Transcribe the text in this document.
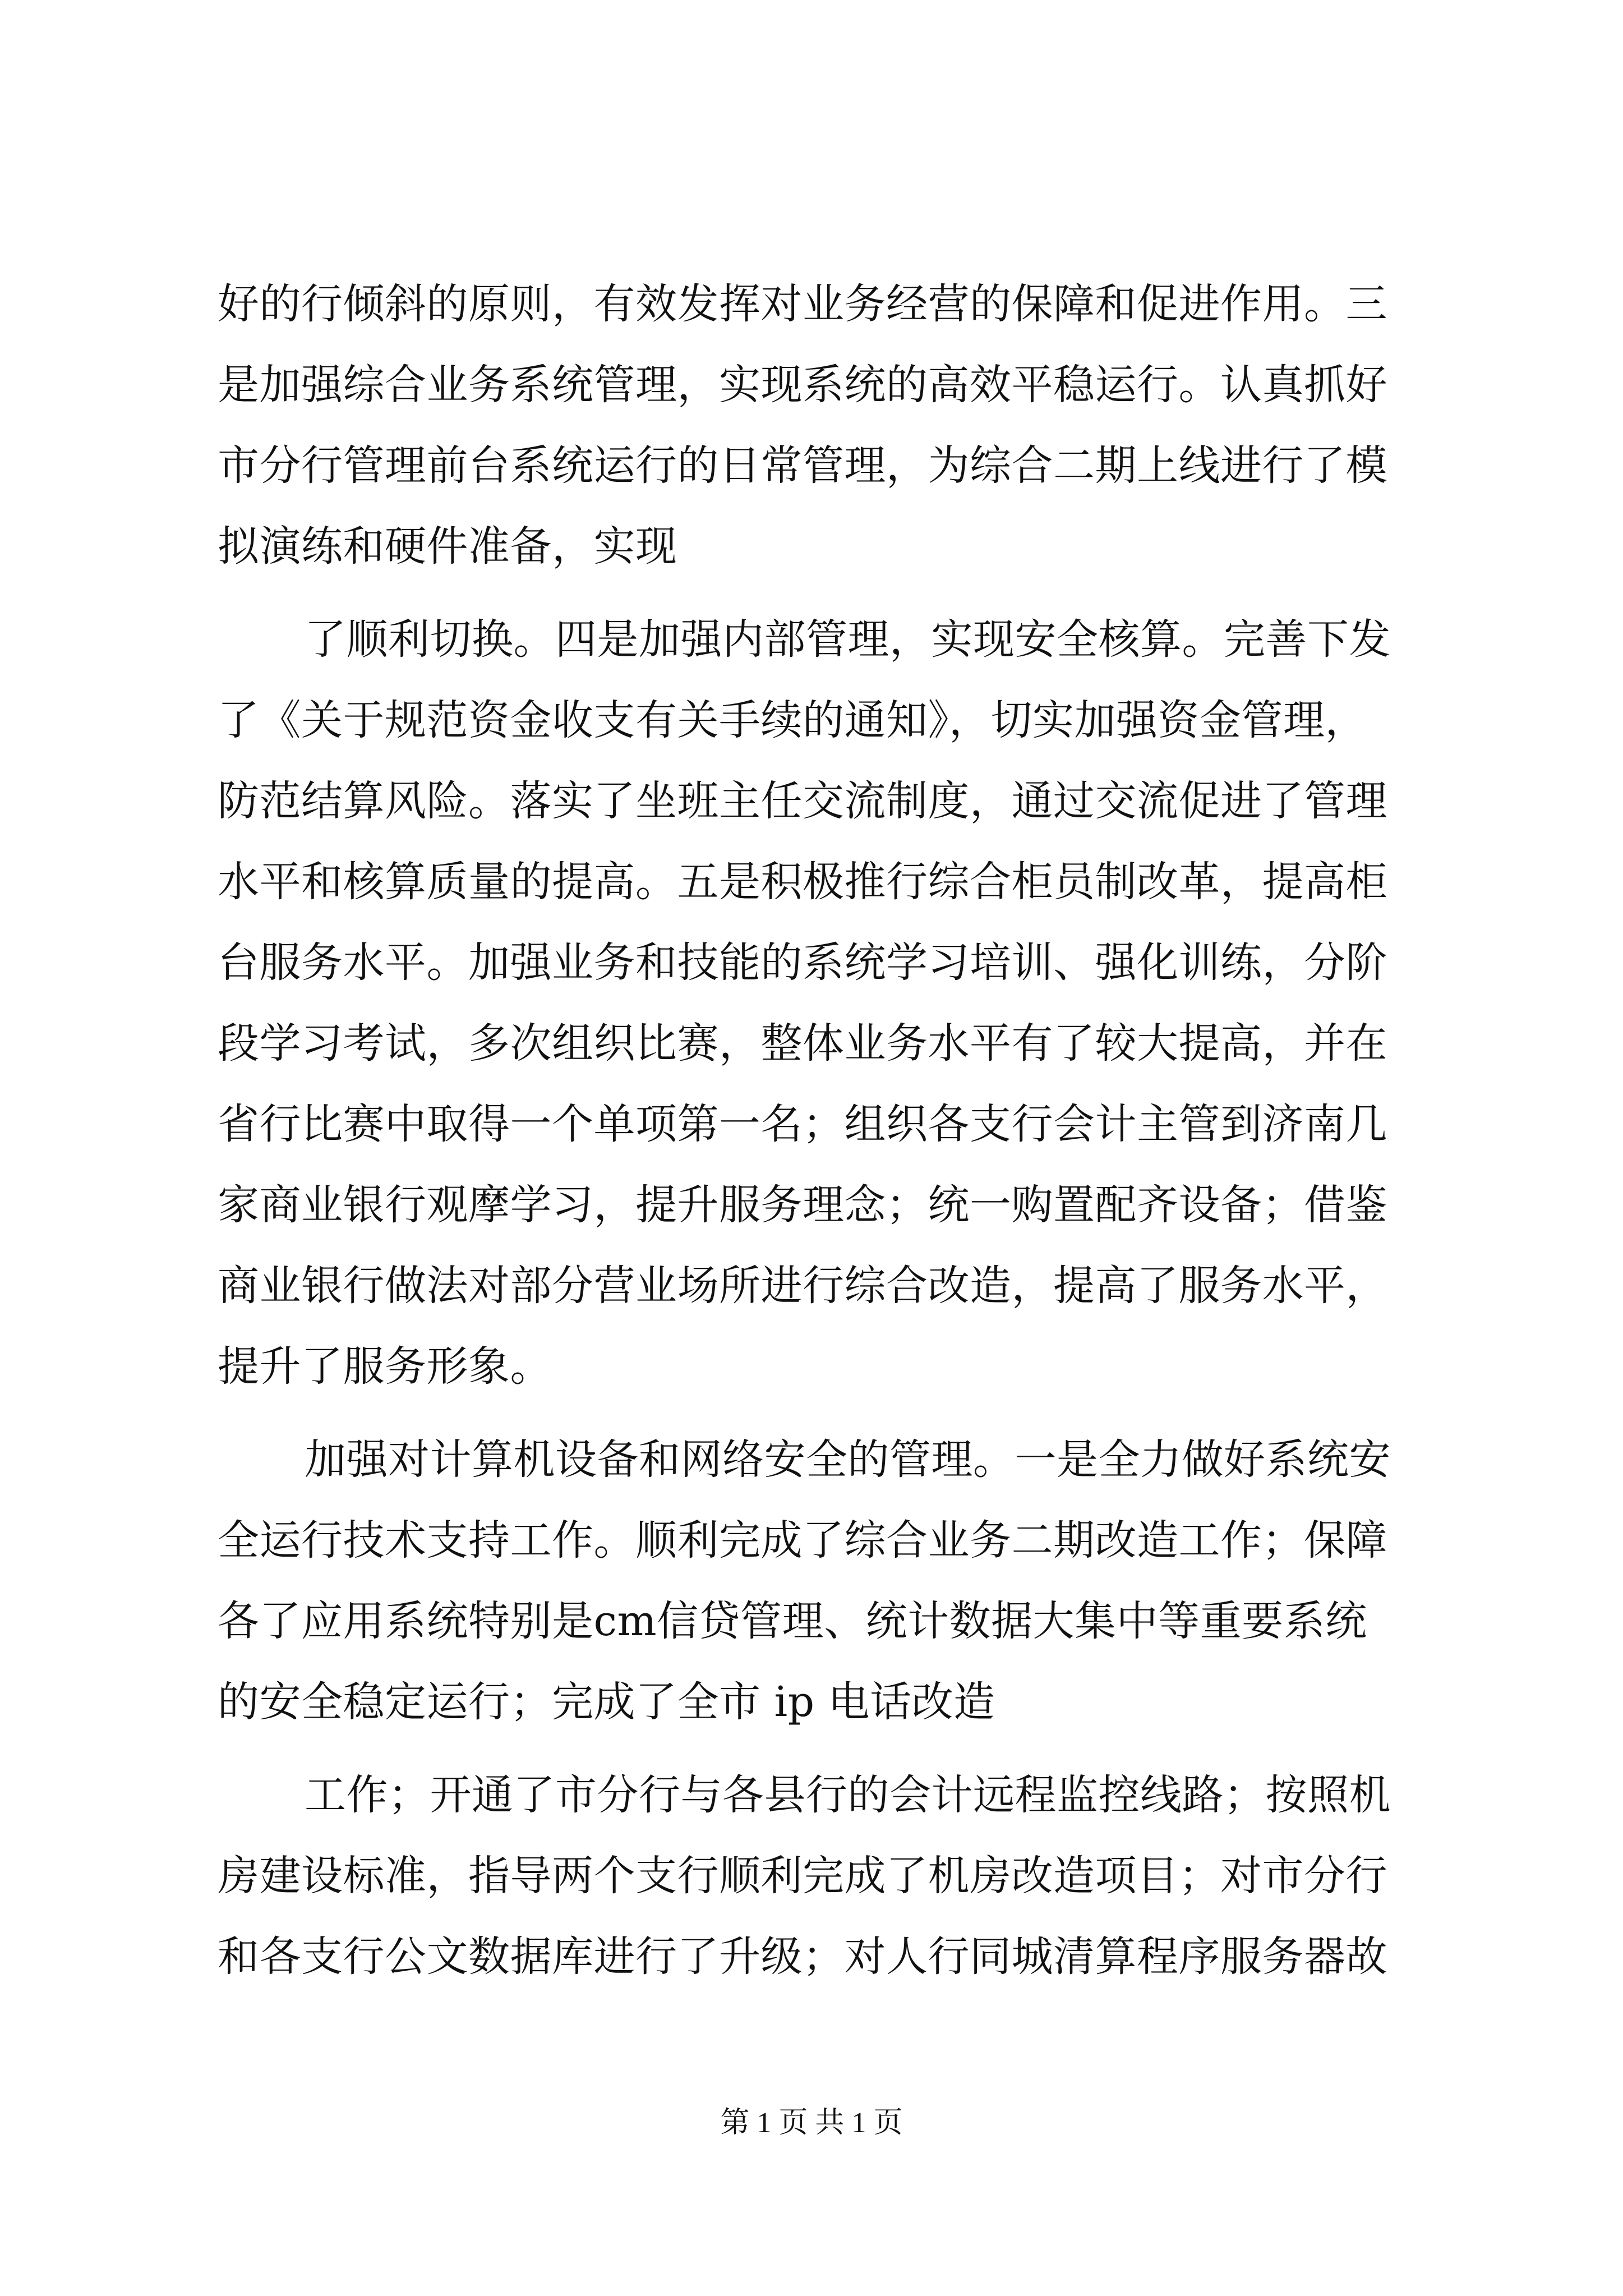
好的行倾斜的原则，有效发挥对业务经营的保障和促进作用。三
是加强综合业务系统管理，实现系统的高效平稳运行。认真抓好
市分行管理前台系统运行的日常管理，为综合二期上线进行了模
拟演练和硬件准备，实现
了顺利切换。四是加强内部管理，实现安全核算。完善下发
了《关于规范资金收支有关手续的通知》，切实加强资金管理，
防范结算风险。落实了坐班主任交流制度，通过交流促进了管理
水平和核算质量的提高。五是积极推行综合柜员制改革，提高柜
台服务水平。加强业务和技能的系统学习培训、强化训练，分阶
段学习考试，多次组织比赛，整体业务水平有了较大提高，并在
省行比赛中取得一个单项第一名；组织各支行会计主管到济南几
家商业银行观摩学习，提升服务理念；统一购置配齐设备；借鉴
商业银行做法对部分营业场所进行综合改造，提高了服务水平，
提升了服务形象。
加强对计算机设备和网络安全的管理。一是全力做好系统安
全运行技术支持工作。顺利完成了综合业务二期改造工作；保障
各了应用系统特别是cm信贷管理、统计数据大集中等重要系统
的安全稳定运行；完成了全市 ip 电话改造
工作；开通了市分行与各县行的会计远程监控线路；按照机
房建设标准，指导两个支行顺利完成了机房改造项目；对市分行
和各支行公文数据库进行了升级；对人行同城清算程序服务器故
第 1 页 共 1 页
